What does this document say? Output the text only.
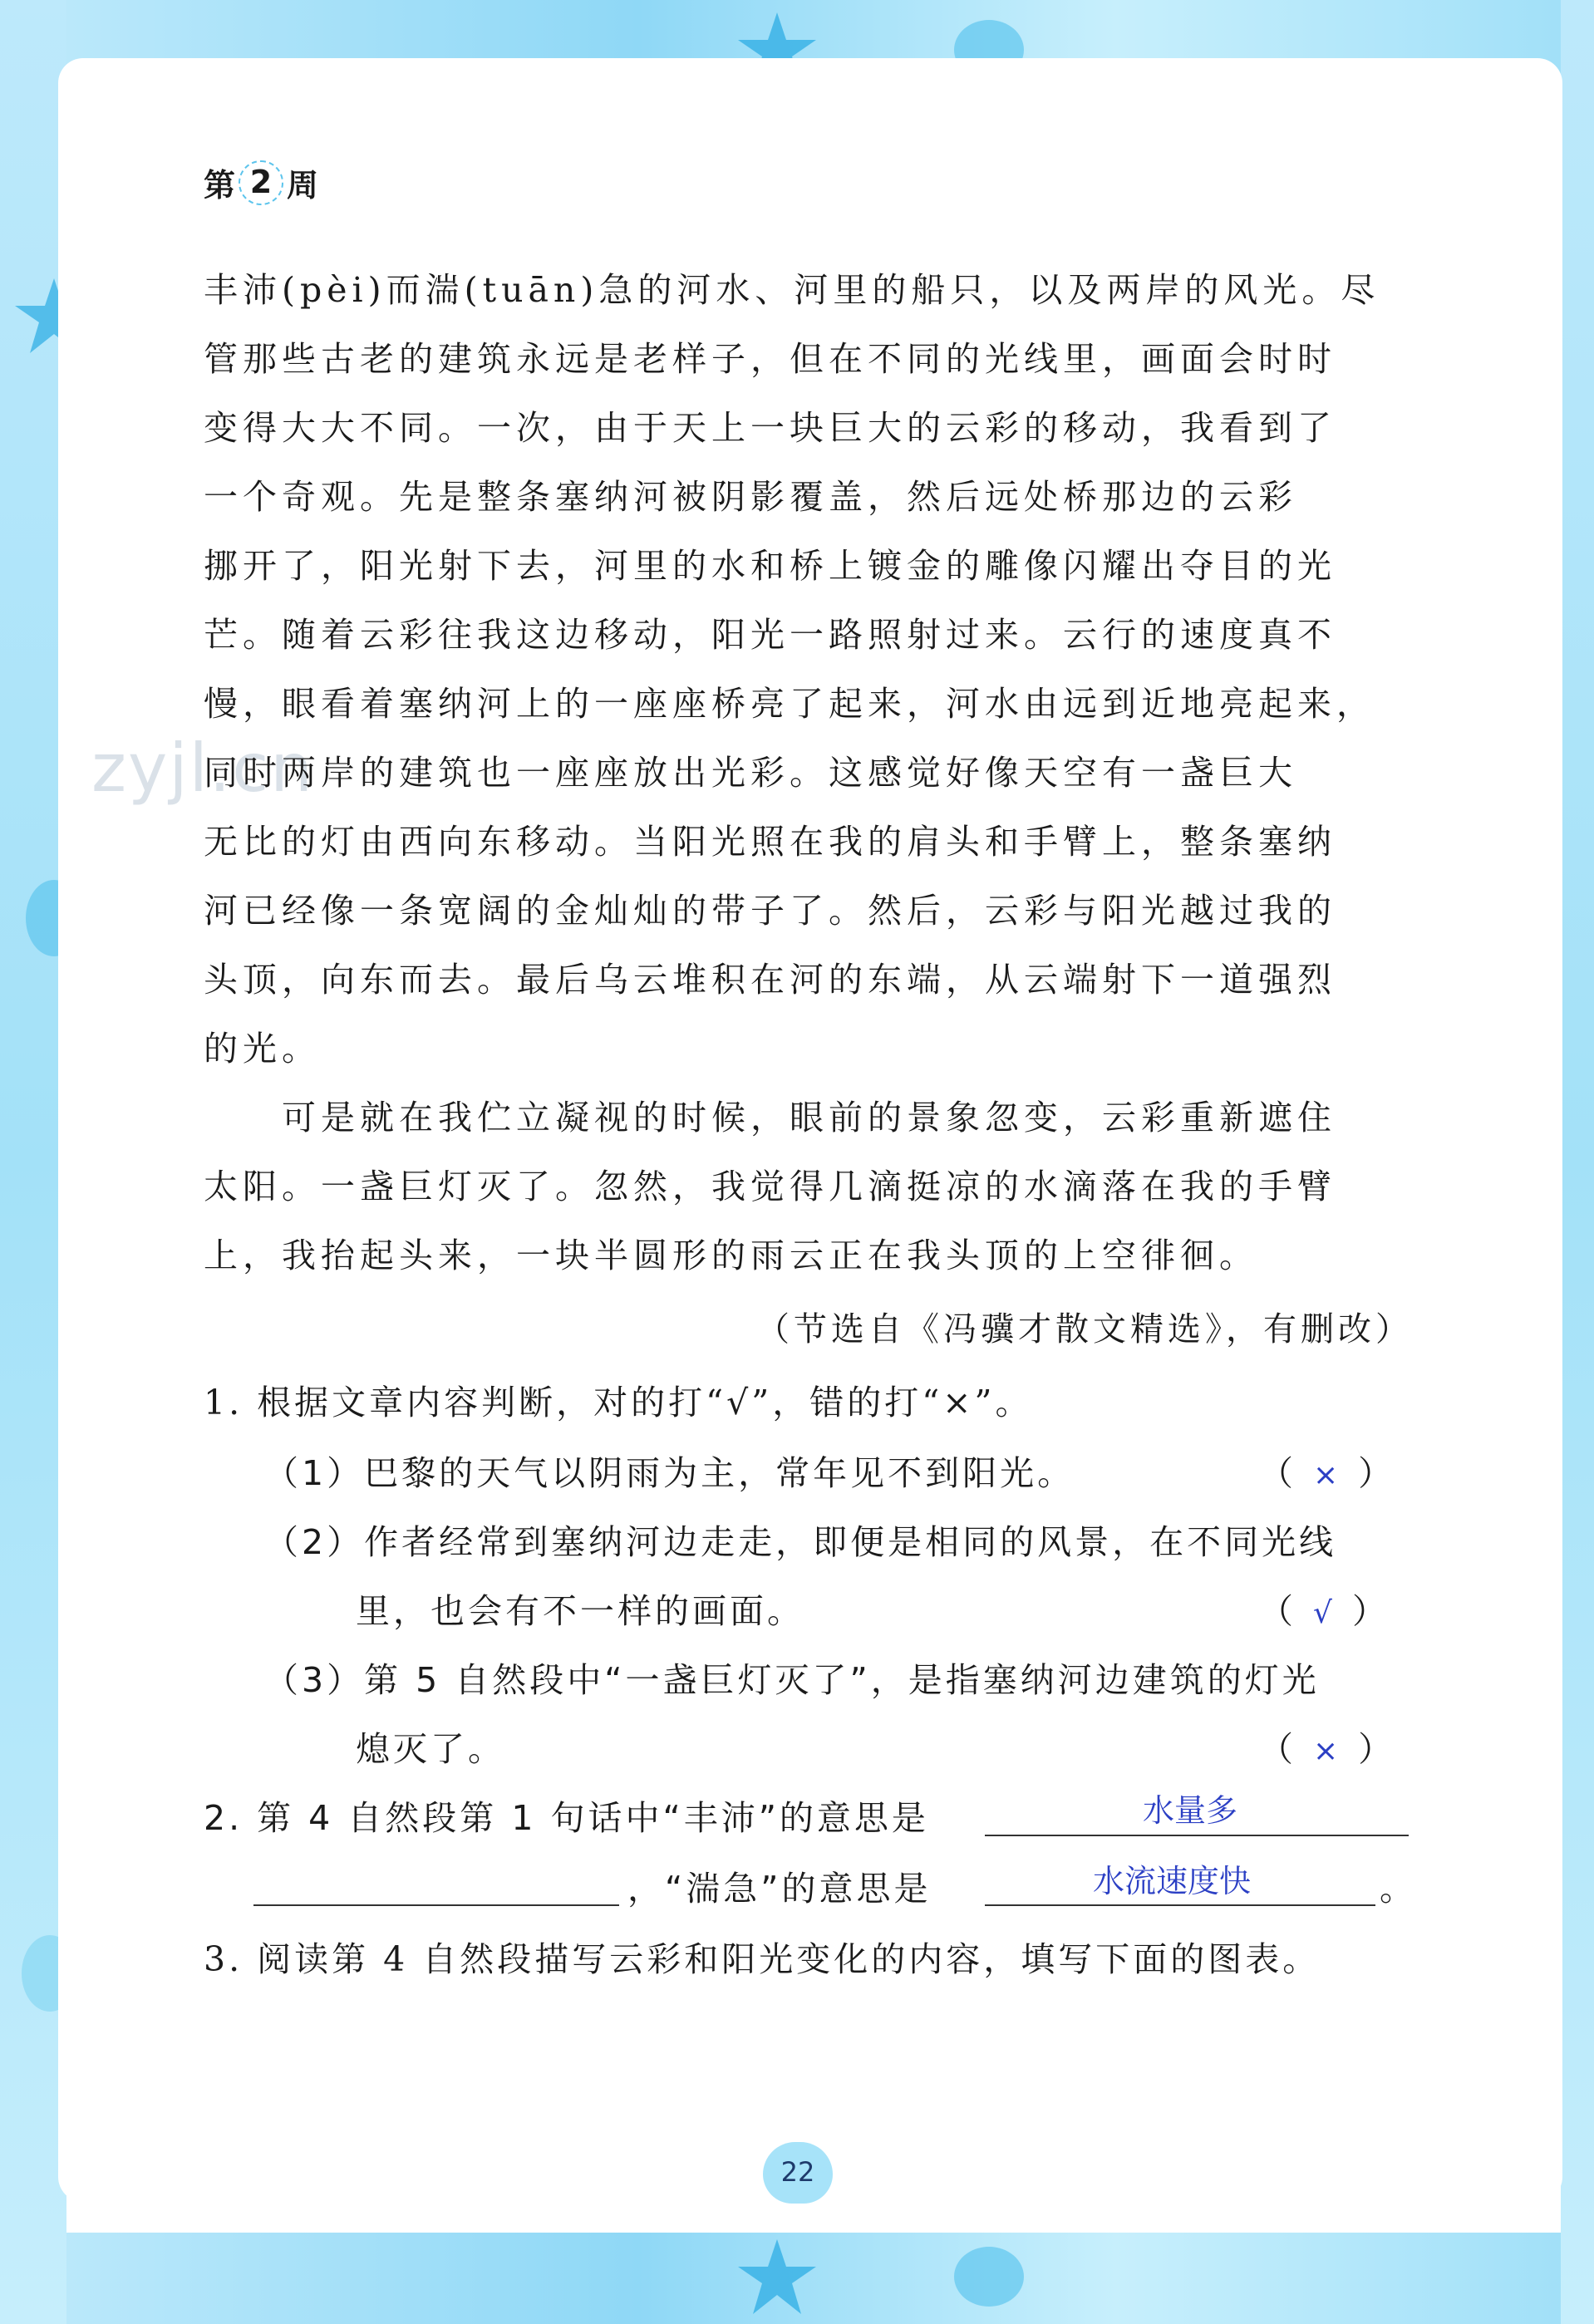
第 2 周
zyjl.cn

丰沛(pèi)而湍(tuān)急的河水、河里的船只，以及两岸的风光。尽

管那些古老的建筑永远是老样子，但在不同的光线里，画面会时时

变得大大不同。一次，由于天上一块巨大的云彩的移动，我看到了

一个奇观。先是整条塞纳河被阴影覆盖，然后远处桥那边的云彩

挪开了，阳光射下去，河里的水和桥上镀金的雕像闪耀出夺目的光

芒。随着云彩往我这边移动，阳光一路照射过来。云行的速度真不

慢，眼看着塞纳河上的一座座桥亮了起来，河水由远到近地亮起来，

同时两岸的建筑也一座座放出光彩。这感觉好像天空有一盏巨大

无比的灯由西向东移动。当阳光照在我的肩头和手臂上，整条塞纳

河已经像一条宽阔的金灿灿的带子了。然后，云彩与阳光越过我的

头顶，向东而去。最后乌云堆积在河的东端，从云端射下一道强烈

的光。

　　可是就在我伫立凝视的时候，眼前的景象忽变，云彩重新遮住

太阳。一盏巨灯灭了。忽然，我觉得几滴挺凉的水滴落在我的手臂

上，我抬起头来，一块半圆形的雨云正在我头顶的上空徘徊。

（节选自《冯骥才散文精选》，有删改）
1. 根据文章内容判断，对的打“√”，错的打“×”。
（1）巴黎的天气以阴雨为主，常年见不到阳光。	（ × ）
（2）作者经常到塞纳河边走走，即便是相同的风景，在不同光线
里，也会有不一样的画面。	（ √ ）
（3）第 5 自然段中“一盏巨灯灭了”，是指塞纳河边建筑的灯光
熄灭了。	（ × ）
2. 第 4 自然段第 1 句话中“丰沛”的意思是	水量多
，“湍急”的意思是	水流速度快	。
3. 阅读第 4 自然段描写云彩和阳光变化的内容，填写下面的图表。
22
